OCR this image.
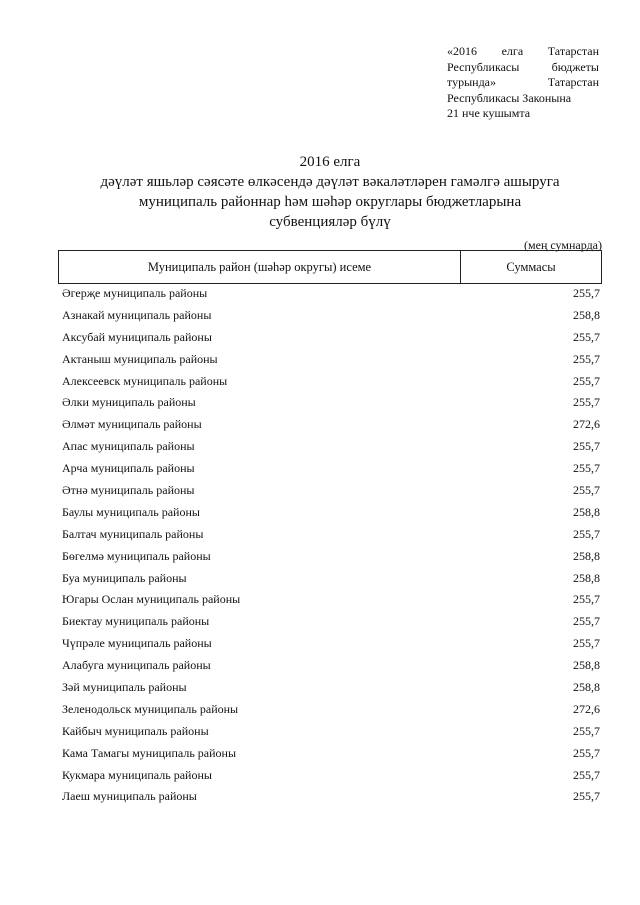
«2016 елга Татарстан
Республикасы бюджеты
турында» Татарстан
Республикасы Законына
21 нче кушымта
2016 елга
дәүләт яшьләр сәясәте өлкәсендә дәүләт вәкаләтләрен гамәлгә ашыруга
муниципаль районнар һәм шәһәр округлары бюджетларына
субвенцияләр бүлү
(мең сумнарда)
Муниципаль район (шәһәр округы) исеме	Суммасы
Әгерҗе муниципаль районы	255,7
Азнакай муниципаль районы	258,8
Аксубай муниципаль районы	255,7
Актаныш муниципаль районы	255,7
Алексеевск муниципаль районы	255,7
Әлки муниципаль районы	255,7
Әлмәт муниципаль районы	272,6
Апас муниципаль районы	255,7
Арча муниципаль районы	255,7
Әтнә муниципаль районы	255,7
Баулы муниципаль районы	258,8
Балтач муниципаль районы	255,7
Бөгелмә муниципаль районы	258,8
Буа муниципаль районы	258,8
Югары Ослан муниципаль районы	255,7
Биектау муниципаль районы	255,7
Чүпрәле муниципаль районы	255,7
Алабуга муниципаль районы	258,8
Зәй муниципаль районы	258,8
Зеленодольск муниципаль районы	272,6
Кайбыч муниципаль районы	255,7
Кама Тамагы муниципаль районы	255,7
Кукмара муниципаль районы	255,7
Лаеш муниципаль районы	255,7
